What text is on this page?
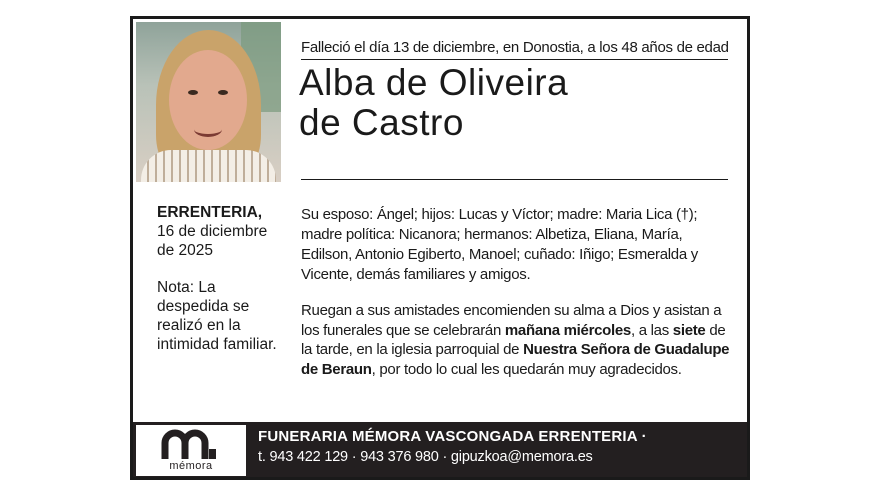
Falleció el día 13 de diciembre, en Donostia, a los 48 años de edad
Alba de Oliveira
de Castro
ERRENTERIA,
16 de diciembre
de 2025
Nota: La despedida se realizó en la intimidad familiar.
Su esposo: Ángel; hijos: Lucas y Víctor; madre: Maria Lica (†); madre política: Nicanora; hermanos: Albetiza, Eliana, María, Edilson, Antonio Egiberto, Manoel; cuñado: Iñigo; Esmeralda y Vicente, demás familiares y amigos.
Ruegan a sus amistades encomienden su alma a Dios y asistan a los funerales que se celebrarán mañana miércoles, a las siete de la tarde, en la iglesia parroquial de Nuestra Señora de Guadalupe de Beraun, por todo lo cual les quedarán muy agradecidos.
mémora
FUNERARIA MÉMORA VASCONGADA ERRENTERIA ·
t. 943 422 129 · 943 376 980 · gipuzkoa@memora.es
